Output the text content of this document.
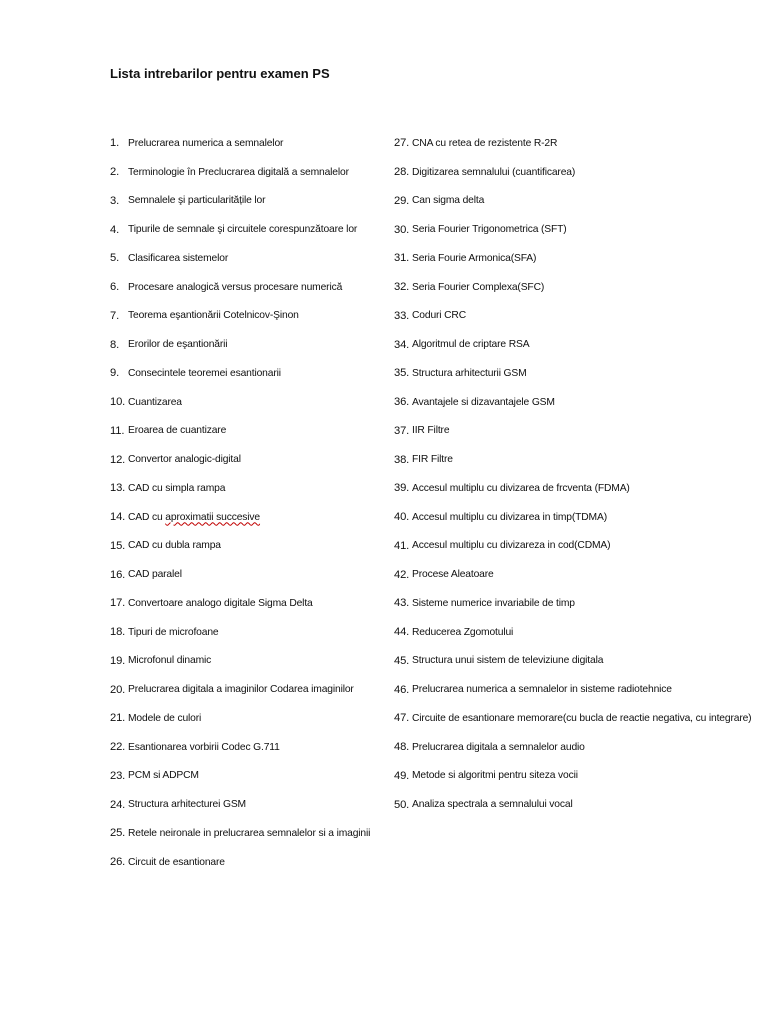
Lista intrebarilor pentru examen PS
1. Prelucrarea numerica a semnalelor
2. Terminologie în Preclucrarea digitală a semnalelor
3. Semnalele şi particularitățile lor
4. Tipurile de semnale şi circuitele corespunzătoare lor
5. Clasificarea sistemelor
6. Procesare analogică versus procesare numerică
7. Teorema eşantionării Cotelnicov-Şinon
8. Erorilor de eşantionării
9. Consecintele teoremei esantionarii
10. Cuantizarea
11. Eroarea de cuantizare
12. Convertor analogic-digital
13. CAD cu simpla rampa
14. CAD cu aproximatii succesive
15. CAD cu dubla rampa
16. CAD paralel
17. Convertoare analogo digitale Sigma Delta
18. Tipuri de microfoane
19. Microfonul dinamic
20. Prelucrarea digitala a imaginilor Codarea imaginilor
21. Modele de culori
22. Esantionarea vorbirii Codec G.711
23. PCM si ADPCM
24. Structura arhitecturei GSM
25. Retele neironale in prelucrarea semnalelor si a imaginii
26. Circuit de esantionare
27. CNA cu retea de rezistente R-2R
28. Digitizarea semnalului (cuantificarea)
29. Can sigma delta
30. Seria Fourier Trigonometrica (SFT)
31. Seria Fourie Armonica(SFA)
32. Seria Fourier Complexa(SFC)
33. Coduri CRC
34. Algoritmul de criptare RSA
35. Structura arhitecturii GSM
36. Avantajele si dizavantajele GSM
37. IIR Filtre
38. FIR Filtre
39. Accesul multiplu cu divizarea de frcventa (FDMA)
40. Accesul multiplu cu divizarea in timp(TDMA)
41. Accesul multiplu cu divizareza in cod(CDMA)
42. Procese Aleatoare
43. Sisteme numerice invariabile de timp
44. Reducerea Zgomotului
45. Structura unui sistem de televiziune digitala
46. Prelucrarea numerica a semnalelor in sisteme radiotehnice
47. Circuite de esantionare memorare(cu bucla de reactie negativa, cu integrare)
48. Prelucrarea digitala a semnalelor audio
49. Metode si algoritmi pentru siteza vocii
50. Analiza spectrala a semnalului vocal
